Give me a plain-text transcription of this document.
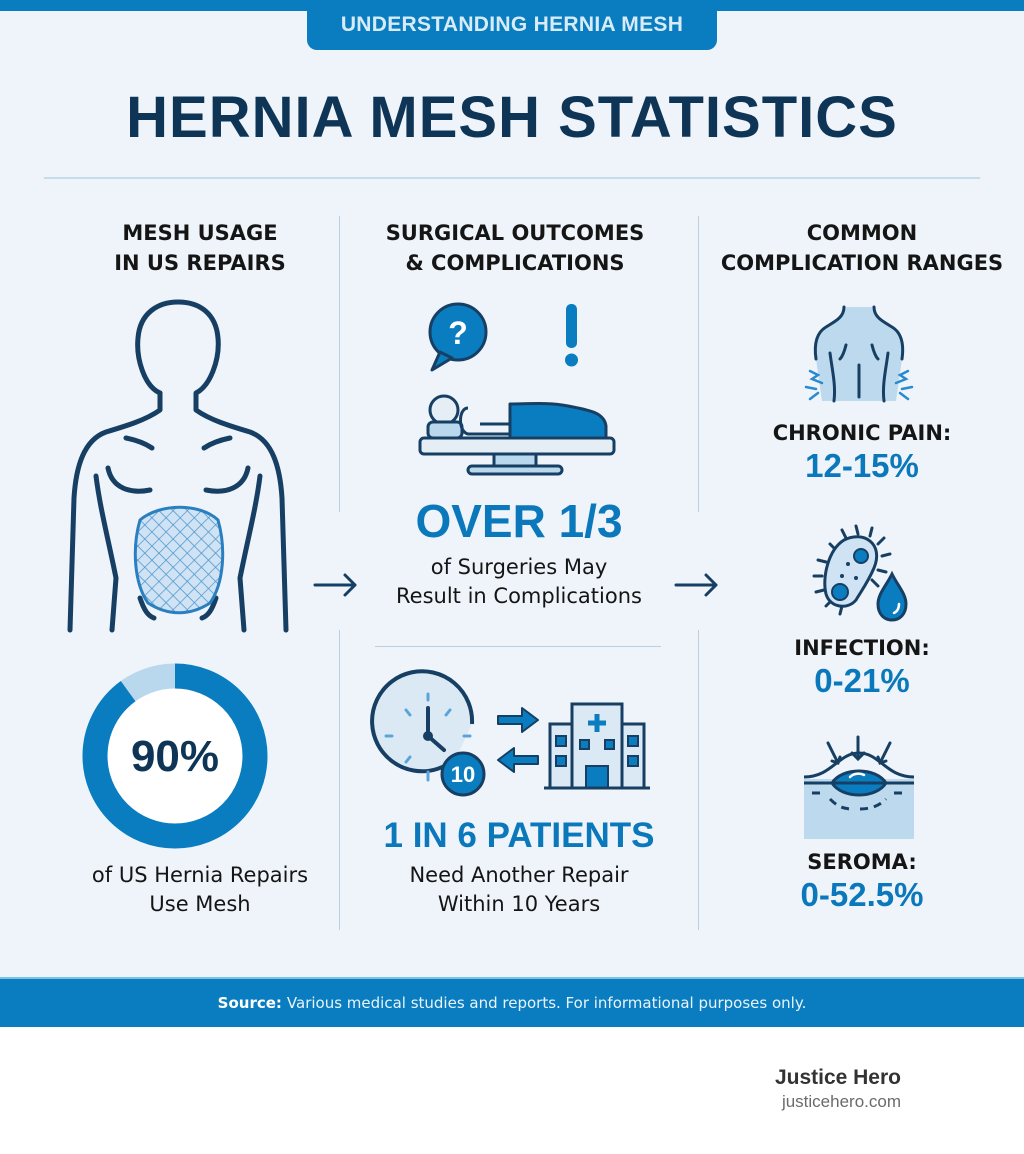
UNDERSTANDING HERNIA MESH
HERNIA MESH STATISTICS
MESH USAGE
IN US REPAIRS
90%
of US Hernia Repairs
Use Mesh
SURGICAL OUTCOMES
& COMPLICATIONS
?
OVER 1/3
of Surgeries May
Result in Complications
10
1 IN 6 PATIENTS
Need Another Repair
Within 10 Years
COMMON
COMPLICATION RANGES
CHRONIC PAIN:
12-15%
INFECTION:
0-21%
SEROMA:
0-52.5%
Source: Various medical studies and reports. For informational purposes only.
Justice Hero
justicehero.com
